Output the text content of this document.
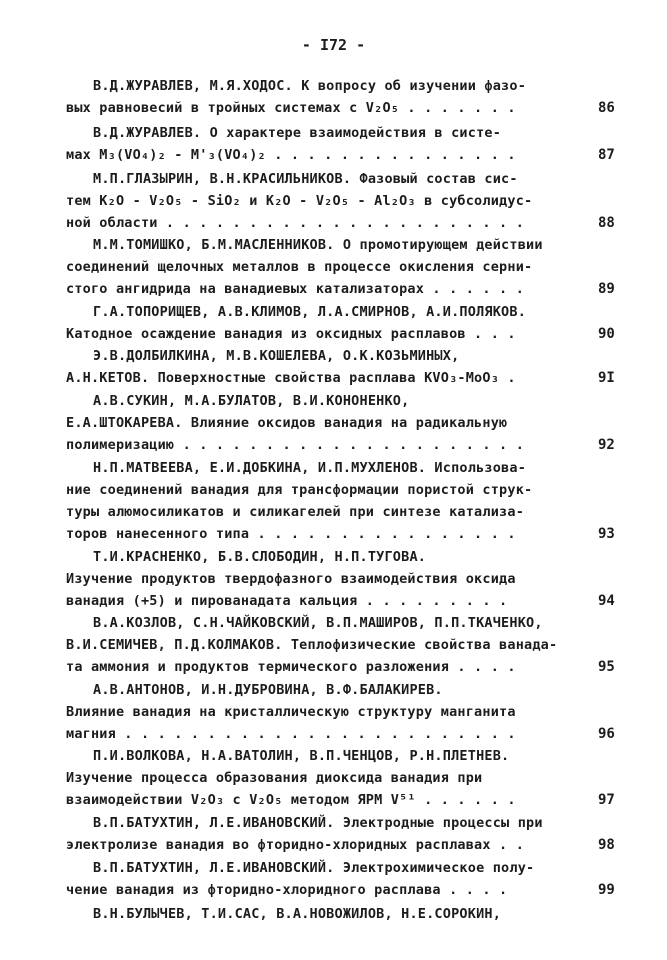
- I72 -
В.Д.ЖУРАВЛЕВ, М.Я.ХОДОС. К вопросу об изучении фазо-
вых равновесий в тройных системах с V₂O₅ . . . . . . .	86
В.Д.ЖУРАВЛЕВ. О характере взаимодействия в систе-
мах M₃(VO₄)₂ - M'₃(VO₄)₂ . . . . . . . . . . . . . . .	87
М.П.ГЛАЗЫРИН, В.Н.КРАСИЛЬНИКОВ. Фазовый состав сис-
тем K₂O - V₂O₅ - SiO₂ и K₂O - V₂O₅ - Al₂O₃ в субсолидус-
ной области . . . . . . . . . . . . . . . . . . . . . .	88
М.М.ТОМИШКО, Б.М.МАСЛЕННИКОВ. О промотирующем действии
соединений щелочных металлов в процессе окисления серни-
стого ангидрида на ванадиевых катализаторах . . . . . .	89
Г.А.ТОПОРИЩЕВ, А.В.КЛИМОВ, Л.А.СМИРНОВ, А.И.ПОЛЯКОВ.
Катодное осаждение ванадия из оксидных расплавов . . .	90
Э.В.ДОЛБИЛКИНА, М.В.КОШЕЛЕВА, О.К.КОЗЬМИНЫХ,
А.Н.КЕТОВ. Поверхностные свойства расплава KVO₃-MoO₃ .	9I
А.В.СУКИН, М.А.БУЛАТОВ, В.И.КОНОНЕНКО,
Е.А.ШТОКАРЕВА. Влияние оксидов ванадия на радикальную
полимеризацию . . . . . . . . . . . . . . . . . . . . .	92
Н.П.МАТВЕЕВА, Е.И.ДОБКИНА, И.П.МУХЛЕНОВ. Использова-
ние соединений ванадия для трансформации пористой струк-
туры алюмосиликатов и силикагелей при синтезе катализа-
торов нанесенного типа . . . . . . . . . . . . . . . .	93
Т.И.КРАСНЕНКО, Б.В.СЛОБОДИН, Н.П.ТУГОВА.
Изучение продуктов твердофазного взаимодействия оксида
ванадия (+5) и пированадата кальция . . . . . . . . .	94
В.А.КОЗЛОВ, С.Н.ЧАЙКОВСКИЙ, В.П.МАШИРОВ, П.П.ТКАЧЕНКО,
В.И.СЕМИЧЕВ, П.Д.КОЛМАКОВ. Теплофизические свойства ванада-
та аммония и продуктов термического разложения . . . .	95
А.В.АНТОНОВ, И.Н.ДУБРОВИНА, В.Ф.БАЛАКИРЕВ.
Влияние ванадия на кристаллическую структуру манганита
магния . . . . . . . . . . . . . . . . . . . . . . . .	96
П.И.ВОЛКОВА, Н.А.ВАТОЛИН, В.П.ЧЕНЦОВ, Р.Н.ПЛЕТНЕВ.
Изучение процесса образования диоксида ванадия при
взаимодействии V₂O₃ с V₂O₅ методом ЯРМ V⁵¹ . . . . . .	97
В.П.БАТУХТИН, Л.Е.ИВАНОВСКИЙ. Электродные процессы при
электролизе ванадия во фторидно-хлоридных расплавах . .	98
В.П.БАТУХТИН, Л.Е.ИВАНОВСКИЙ. Электрохимическое полу-
чение ванадия из фторидно-хлоридного расплава . . . .	99
В.Н.БУЛЫЧЕВ, Т.И.САС, В.А.НОВОЖИЛОВ, Н.Е.СОРОКИН,
